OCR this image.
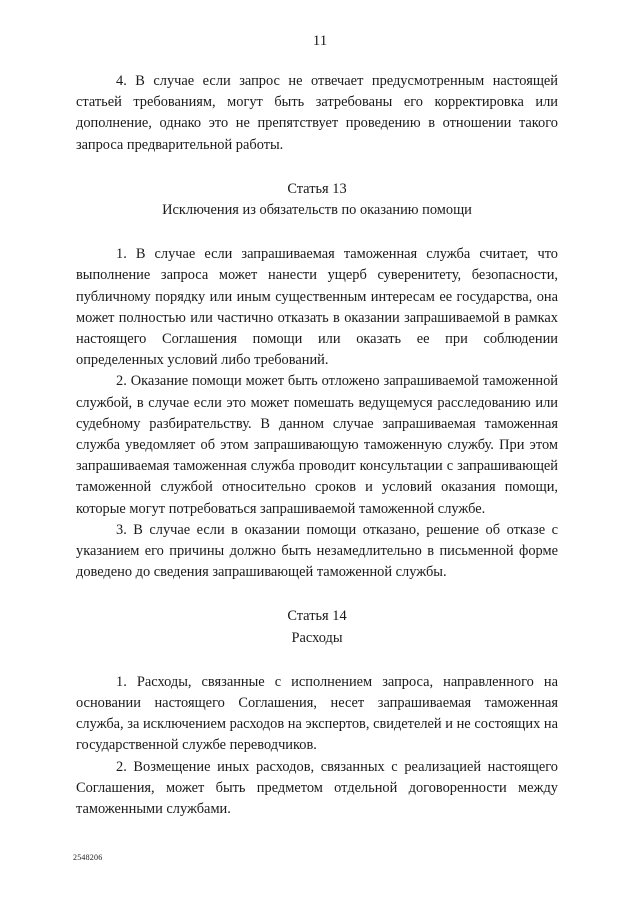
11

4. В случае если запрос не отвечает предусмотренным настоящей статьей требованиям, могут быть затребованы его корректировка или дополнение, однако это не препятствует проведению в отношении такого запроса предварительной работы.

Статья 13

Исключения из обязательств по оказанию помощи

1. В случае если запрашиваемая таможенная служба считает, что выполнение запроса может нанести ущерб суверенитету, безопасности, публичному порядку или иным существенным интересам ее государства, она может полностью или частично отказать в оказании запрашиваемой в рамках настоящего Соглашения помощи или оказать ее при соблюдении определенных условий либо требований.

2. Оказание помощи может быть отложено запрашиваемой таможенной службой, в случае если это может помешать ведущемуся расследованию или судебному разбирательству. В данном случае запрашиваемая таможенная служба уведомляет об этом запрашивающую таможенную службу. При этом запрашиваемая таможенная служба проводит консультации с запрашивающей таможенной службой относительно сроков и условий оказания помощи, которые могут потребоваться запрашиваемой таможенной службе.

3. В случае если в оказании помощи отказано, решение об отказе с указанием его причины должно быть незамедлительно в письменной форме доведено до сведения запрашивающей таможенной службы.

Статья 14

Расходы

1. Расходы, связанные с исполнением запроса, направленного на основании настоящего Соглашения, несет запрашиваемая таможенная служба, за исключением расходов на экспертов, свидетелей и не состоящих на государственной службе переводчиков.

2. Возмещение иных расходов, связанных с реализацией настоящего Соглашения, может быть предметом отдельной договоренности между таможенными службами.

2548206
